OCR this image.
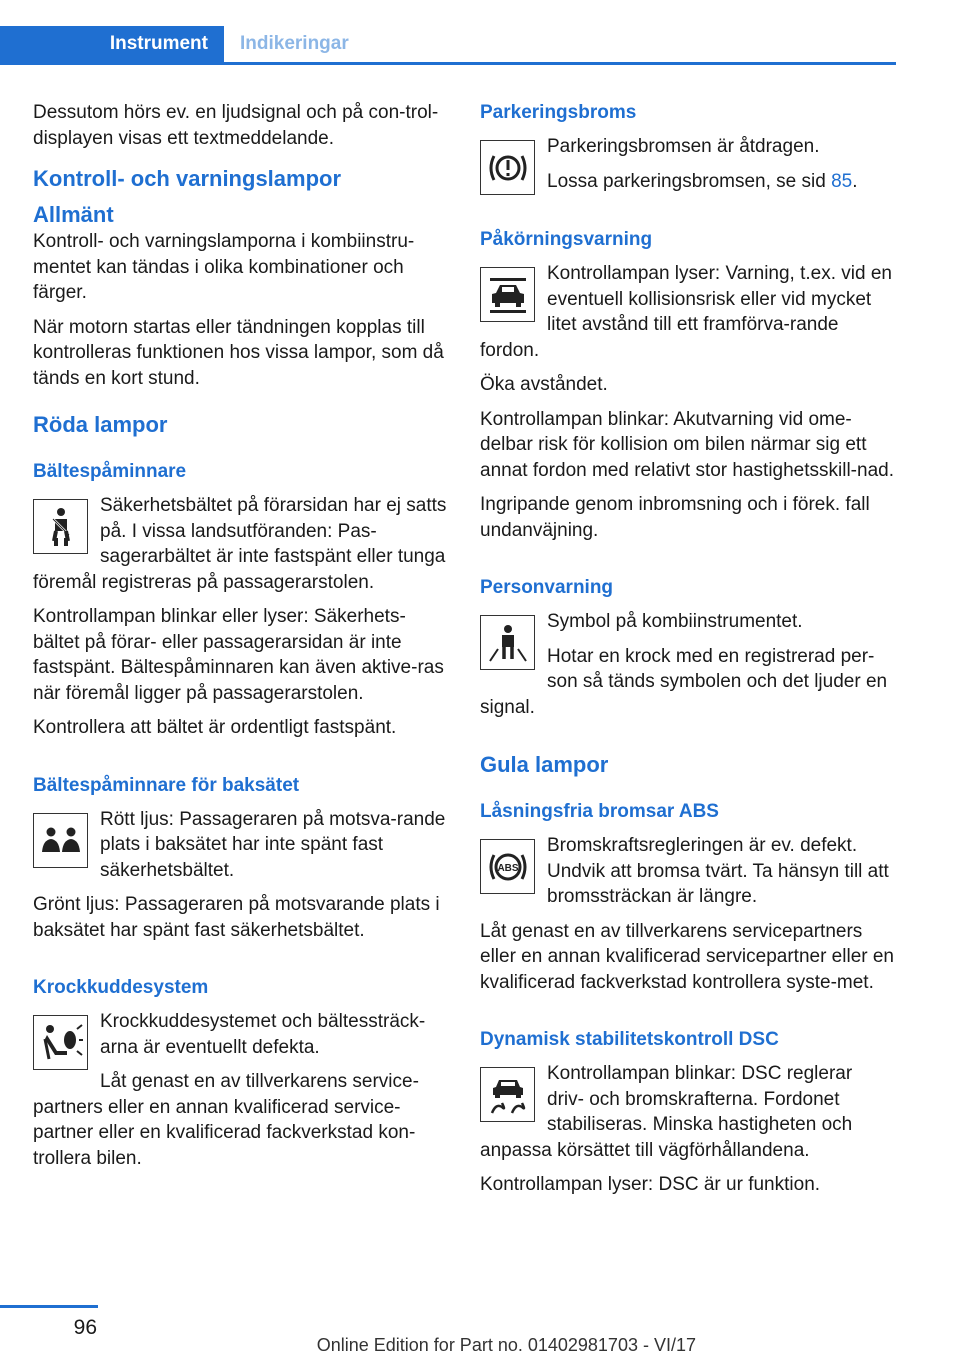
Instrument	Indikeringar

Dessutom hörs ev. en ljudsignal och på con‐trol-displayen visas ett textmeddelande.

Kontroll- och varningslampor
Allmänt

Kontroll- och varningslamporna i kombiinstru‐mentet kan tändas i olika kombinationer och färger.

När motorn startas eller tändningen kopplas till kontrolleras funktionen hos vissa lampor, som då tänds en kort stund.

Röda lampor
Bältespåminnare

Säkerhetsbältet på förarsidan har ej satts på. I vissa landsutföranden: Pas‐sagerarbältet är inte fastspänt eller tunga föremål registreras på passagerarstolen.

Kontrollampan blinkar eller lyser: Säkerhets‐bältet på förar- eller passagerarsidan är inte fastspänt. Bältespåminnaren kan även aktive‐ras när föremål ligger på passagerarstolen.

Kontrollera att bältet är ordentligt fastspänt.

Bältespåminnare för baksätet

Rött ljus: Passageraren på motsva‐rande plats i baksätet har inte spänt fast säkerhetsbältet.

Grönt ljus: Passageraren på motsvarande plats i baksätet har spänt fast säkerhetsbältet.

Krockkuddesystem

Krockkuddesystemet och bältessträck‐arna är eventuellt defekta.

Låt genast en av tillverkarens service‐partners eller en annan kvalificerad service‐partner eller en kvalificerad fackverkstad kon‐trollera bilen.

Parkeringsbroms

Parkeringsbromsen är åtdragen.

Lossa parkeringsbromsen, se sid 85.

Påkörningsvarning

Kontrollampan lyser: Varning, t.ex. vid en eventuell kollisionsrisk eller vid mycket litet avstånd till ett framförva‐rande fordon.

Öka avståndet.

Kontrollampan blinkar: Akutvarning vid ome‐delbar risk för kollision om bilen närmar sig ett annat fordon med relativt stor hastighetsskill‐nad.

Ingripande genom inbromsning och i förek. fall undanväjning.

Personvarning

Symbol på kombiinstrumentet.

Hotar en krock med en registrerad per‐son så tänds symbolen och det ljuder en signal.

Gula lampor
Låsningsfria bromsar ABS
ABS

Bromskraftsregleringen är ev. defekt. Undvik att bromsa tvärt. Ta hänsyn till att bromssträckan är längre.

Låt genast en av tillverkarens servicepartners eller en annan kvalificerad servicepartner eller en kvalificerad fackverkstad kontrollera syste‐met.

Dynamisk stabilitetskontroll DSC

Kontrollampan blinkar: DSC reglerar driv- och bromskrafterna. Fordonet stabiliseras. Minska hastigheten och anpassa körsättet till vägförhållandena.

Kontrollampan lyser: DSC är ur funktion.

96
Online Edition for Part no. 01402981703 - VI/17
